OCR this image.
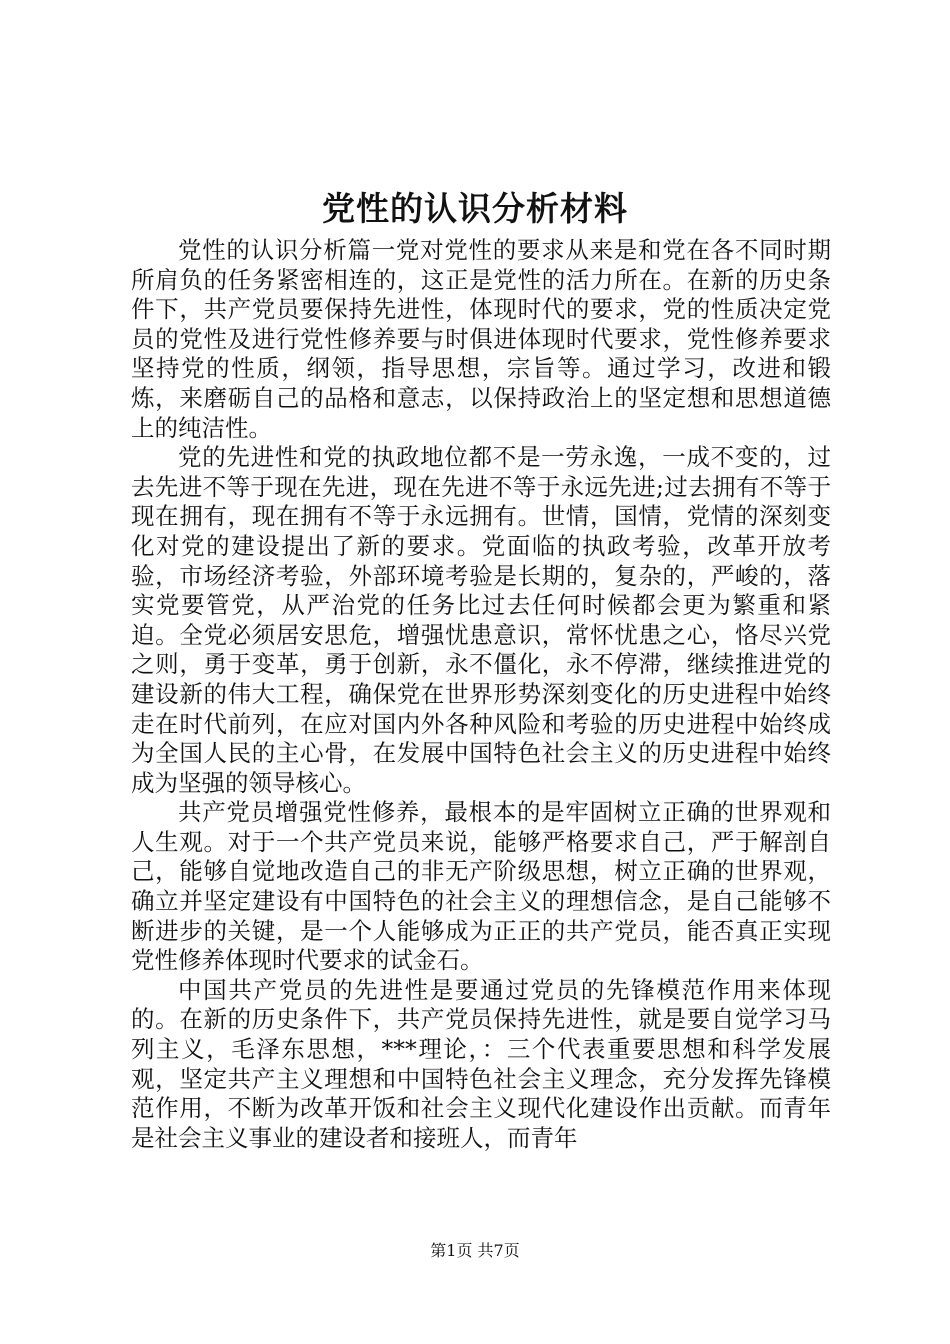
党性的认识分析材料

党性的认识分析篇一党对党性的要求从来是和党在各不同时期所肩负的任务紧密相连的，这正是党性的活力所在。在新的历史条件下，共产党员要保持先进性，体现时代的要求，党的性质决定党员的党性及进行党性修养要与时俱进体现时代要求，党性修养要求坚持党的性质，纲领，指导思想，宗旨等。通过学习，改进和锻炼，来磨砺自己的品格和意志，以保持政治上的坚定想和思想道德上的纯洁性。

党的先进性和党的执政地位都不是一劳永逸，一成不变的，过去先进不等于现在先进，现在先进不等于永远先进;过去拥有不等于现在拥有，现在拥有不等于永远拥有。世情，国情，党情的深刻变化对党的建设提出了新的要求。党面临的执政考验，改革开放考验，市场经济考验，外部环境考验是长期的，复杂的，严峻的，落实党要管党，从严治党的任务比过去任何时候都会更为繁重和紧迫。全党必须居安思危，增强忧患意识，常怀忧患之心，恪尽兴党之则，勇于变革，勇于创新，永不僵化，永不停滞，继续推进党的建设新的伟大工程，确保党在世界形势深刻变化的历史进程中始终走在时代前列，在应对国内外各种风险和考验的历史进程中始终成为全国人民的主心骨，在发展中国特色社会主义的历史进程中始终成为坚强的领导核心。

共产党员增强党性修养，最根本的是牢固树立正确的世界观和人生观。对于一个共产党员来说，能够严格要求自己，严于解剖自己，能够自觉地改造自己的非无产阶级思想，树立正确的世界观，确立并坚定建设有中国特色的社会主义的理想信念，是自己能够不断进步的关键，是一个人能够成为正正的共产党员，能否真正实现党性修养体现时代要求的试金石。

中国共产党员的先进性是要通过党员的先锋模范作用来体现的。在新的历史条件下，共产党员保持先进性，就是要自觉学习马列主义，毛泽东思想，***理论，：三个代表重要思想和科学发展观，坚定共产主义理想和中国特色社会主义理念，充分发挥先锋模范作用，不断为改革开饭和社会主义现代化建设作出贡献。而青年是社会主义事业的建设者和接班人，而青年

第1页 共7页
